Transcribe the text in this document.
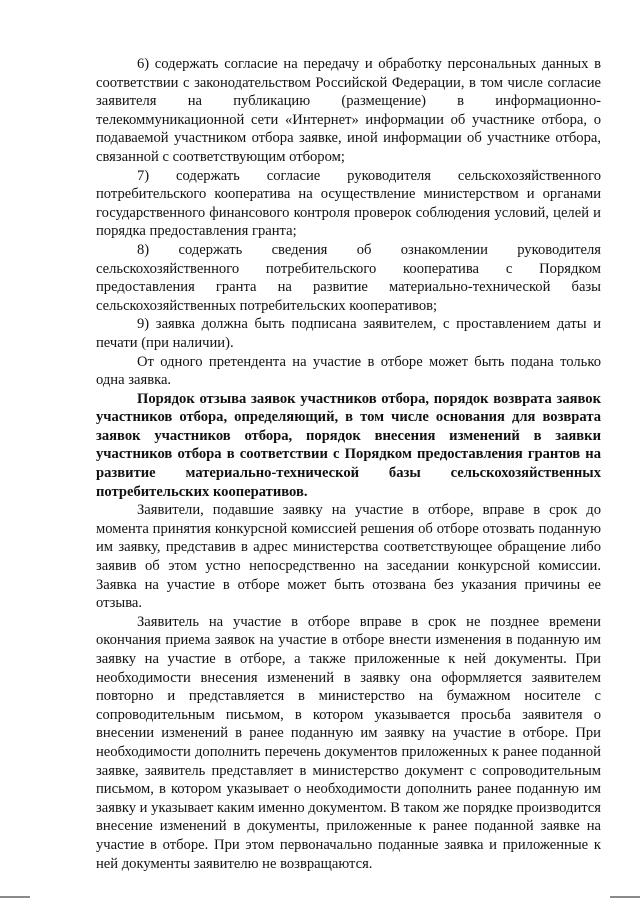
6) содержать согласие на передачу и обработку персональных данных в соответствии с законодательством Российской Федерации, в том числе согласие заявителя на публикацию (размещение) в информационно-телекоммуникационной сети «Интернет» информации об участнике отбора, о подаваемой участником отбора заявке, иной информации об участнике отбора, связанной с соответствующим отбором;

7) содержать согласие руководителя сельскохозяйственного потребительского кооператива на осуществление министерством и органами государственного финансового контроля проверок соблюдения условий, целей и порядка предоставления гранта;

8) содержать сведения об ознакомлении руководителя сельскохозяйственного потребительского кооператива с Порядком предоставления гранта на развитие материально-технической базы сельскохозяйственных потребительских кооперативов;

9) заявка должна быть подписана заявителем, с проставлением даты и печати (при наличии).

От одного претендента на участие в отборе может быть подана только одна заявка.

Порядок отзыва заявок участников отбора, порядок возврата заявок участников отбора, определяющий, в том числе основания для возврата заявок участников отбора, порядок внесения изменений в заявки участников отбора в соответствии с Порядком предоставления грантов на развитие материально-технической базы сельскохозяйственных потребительских кооперативов.

Заявители, подавшие заявку на участие в отборе, вправе в срок до момента принятия конкурсной комиссией решения об отборе отозвать поданную им заявку, представив в адрес министерства соответствующее обращение либо заявив об этом устно непосредственно на заседании конкурсной комиссии. Заявка на участие в отборе может быть отозвана без указания причины ее отзыва.

Заявитель на участие в отборе вправе в срок не позднее времени окончания приема заявок на участие в отборе внести изменения в поданную им заявку на участие в отборе, а также приложенные к ней документы. При необходимости внесения изменений в заявку она оформляется заявителем повторно и представляется в министерство на бумажном носителе с сопроводительным письмом, в котором указывается просьба заявителя о внесении изменений в ранее поданную им заявку на участие в отборе. При необходимости дополнить перечень документов приложенных к ранее поданной заявке, заявитель представляет в министерство документ с сопроводительным письмом, в котором указывает о необходимости дополнить ранее поданную им заявку и указывает каким именно документом. В таком же порядке производится внесение изменений в документы, приложенные к ранее поданной заявке на участие в отборе. При этом первоначально поданные заявка и приложенные к ней документы заявителю не возвращаются.
